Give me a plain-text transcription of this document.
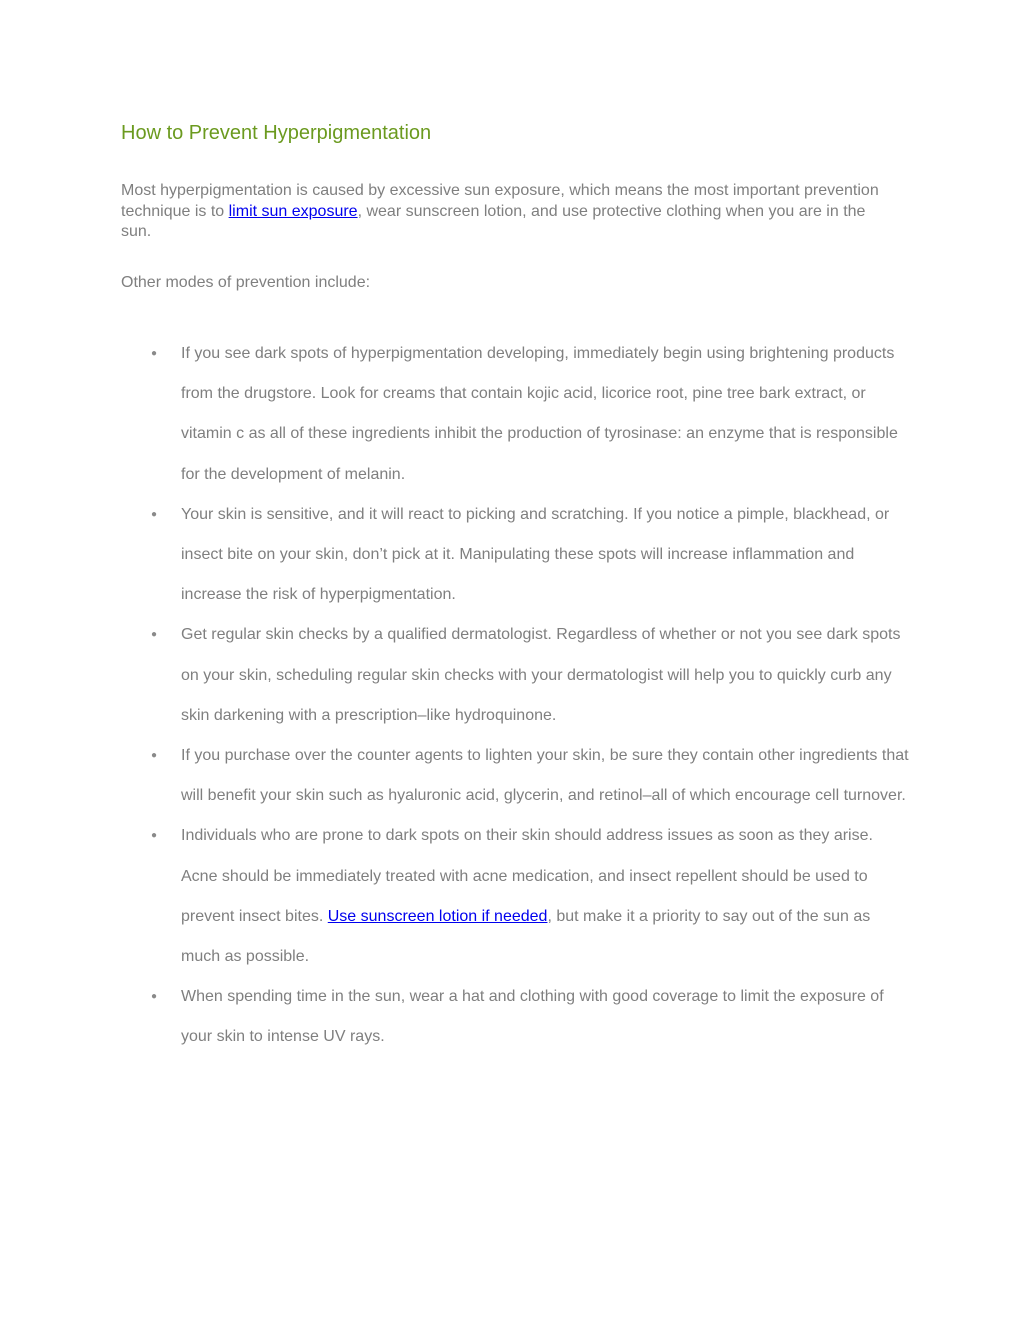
How to Prevent Hyperpigmentation

Most hyperpigmentation is caused by excessive sun exposure, which means the most important prevention technique is to limit sun exposure, wear sunscreen lotion, and use protective clothing when you are in the sun.

Other modes of prevention include:

● If you see dark spots of hyperpigmentation developing, immediately begin using brightening products from the drugstore. Look for creams that contain kojic acid, licorice root, pine tree bark extract, or vitamin c as all of these ingredients inhibit the production of tyrosinase: an enzyme that is responsible for the development of melanin.
● Your skin is sensitive, and it will react to picking and scratching. If you notice a pimple, blackhead, or insect bite on your skin, don’t pick at it. Manipulating these spots will increase inflammation and increase the risk of hyperpigmentation.
● Get regular skin checks by a qualified dermatologist. Regardless of whether or not you see dark spots on your skin, scheduling regular skin checks with your dermatologist will help you to quickly curb any skin darkening with a prescription–like hydroquinone.
● If you purchase over the counter agents to lighten your skin, be sure they contain other ingredients that will benefit your skin such as hyaluronic acid, glycerin, and retinol–all of which encourage cell turnover.
● Individuals who are prone to dark spots on their skin should address issues as soon as they arise. Acne should be immediately treated with acne medication, and insect repellent should be used to prevent insect bites. Use sunscreen lotion if needed, but make it a priority to say out of the sun as much as possible.
● When spending time in the sun, wear a hat and clothing with good coverage to limit the exposure of your skin to intense UV rays.
